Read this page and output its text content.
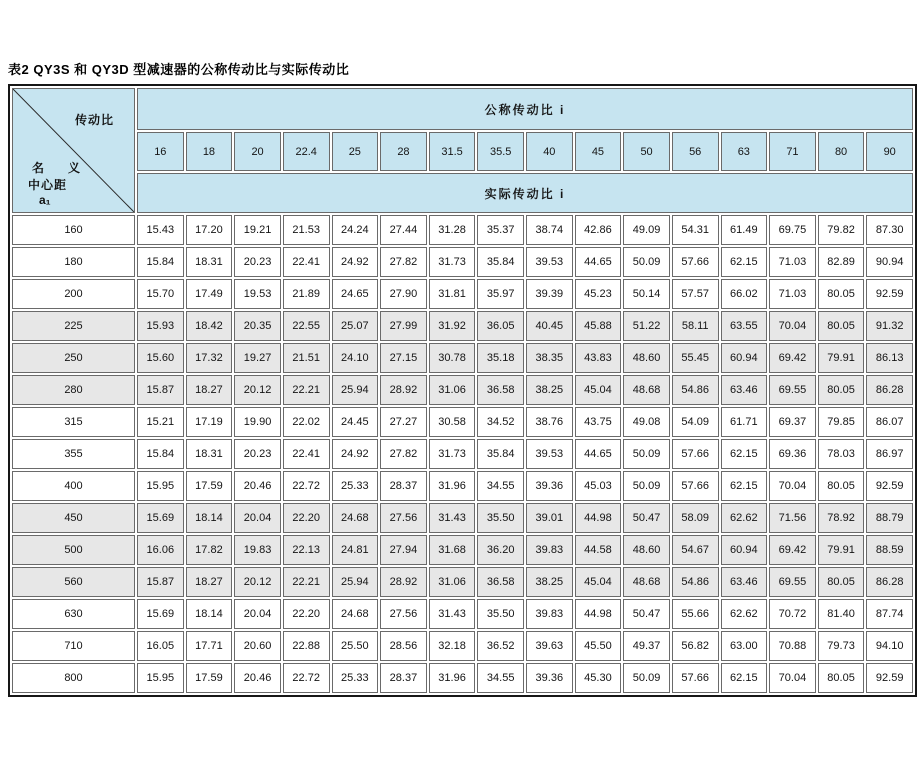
表2 QY3S 和 QY3D 型减速器的公称传动比与实际传动比
传动比
名　义
中心距
a₁	公称传动比 i															
	16	18	20	22.4	25	28	31.5	35.5	40	45	50	56	63	71	80	90
	实际传动比 i															
160	15.43	17.20	19.21	21.53	24.24	27.44	31.28	35.37	38.74	42.86	49.09	54.31	61.49	69.75	79.82	87.30
180	15.84	18.31	20.23	22.41	24.92	27.82	31.73	35.84	39.53	44.65	50.09	57.66	62.15	71.03	82.89	90.94
200	15.70	17.49	19.53	21.89	24.65	27.90	31.81	35.97	39.39	45.23	50.14	57.57	66.02	71.03	80.05	92.59
225	15.93	18.42	20.35	22.55	25.07	27.99	31.92	36.05	40.45	45.88	51.22	58.11	63.55	70.04	80.05	91.32
250	15.60	17.32	19.27	21.51	24.10	27.15	30.78	35.18	38.35	43.83	48.60	55.45	60.94	69.42	79.91	86.13
280	15.87	18.27	20.12	22.21	25.94	28.92	31.06	36.58	38.25	45.04	48.68	54.86	63.46	69.55	80.05	86.28
315	15.21	17.19	19.90	22.02	24.45	27.27	30.58	34.52	38.76	43.75	49.08	54.09	61.71	69.37	79.85	86.07
355	15.84	18.31	20.23	22.41	24.92	27.82	31.73	35.84	39.53	44.65	50.09	57.66	62.15	69.36	78.03	86.97
400	15.95	17.59	20.46	22.72	25.33	28.37	31.96	34.55	39.36	45.03	50.09	57.66	62.15	70.04	80.05	92.59
450	15.69	18.14	20.04	22.20	24.68	27.56	31.43	35.50	39.01	44.98	50.47	58.09	62.62	71.56	78.92	88.79
500	16.06	17.82	19.83	22.13	24.81	27.94	31.68	36.20	39.83	44.58	48.60	54.67	60.94	69.42	79.91	88.59
560	15.87	18.27	20.12	22.21	25.94	28.92	31.06	36.58	38.25	45.04	48.68	54.86	63.46	69.55	80.05	86.28
630	15.69	18.14	20.04	22.20	24.68	27.56	31.43	35.50	39.83	44.98	50.47	55.66	62.62	70.72	81.40	87.74
710	16.05	17.71	20.60	22.88	25.50	28.56	32.18	36.52	39.63	45.50	49.37	56.82	63.00	70.88	79.73	94.10
800	15.95	17.59	20.46	22.72	25.33	28.37	31.96	34.55	39.36	45.30	50.09	57.66	62.15	70.04	80.05	92.59
